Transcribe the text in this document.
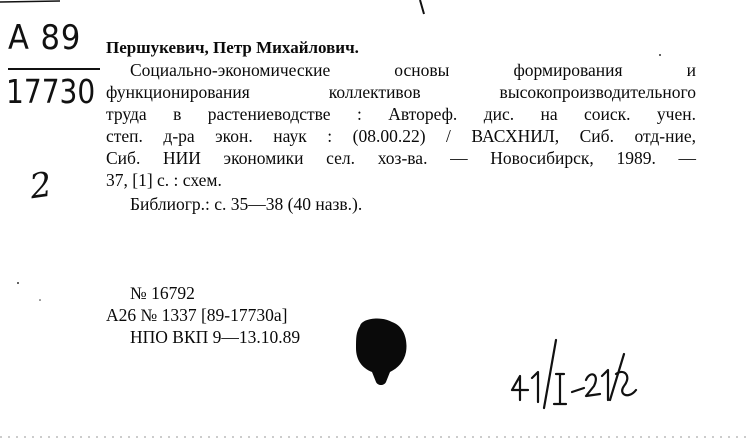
A 89
17730
2
Першукевич, Петр Михайлович.
Социально-экономические основы формирования и
функционирования коллективов высокопроизводительного
труда в растениеводстве : Автореф. дис. на соиск. учен.
степ. д-ра экон. наук : (08.00.22) / ВАСХНИЛ, Сиб. отд-ние,
Сиб. НИИ экономики сел. хоз-ва. — Новосибирск, 1989. —
37, [1] с. : схем.
Библиогр.: с. 35—38 (40 назв.).
№ 16792
А26 № 1337 [89-17730а]
НПО ВКП 9—13.10.89
